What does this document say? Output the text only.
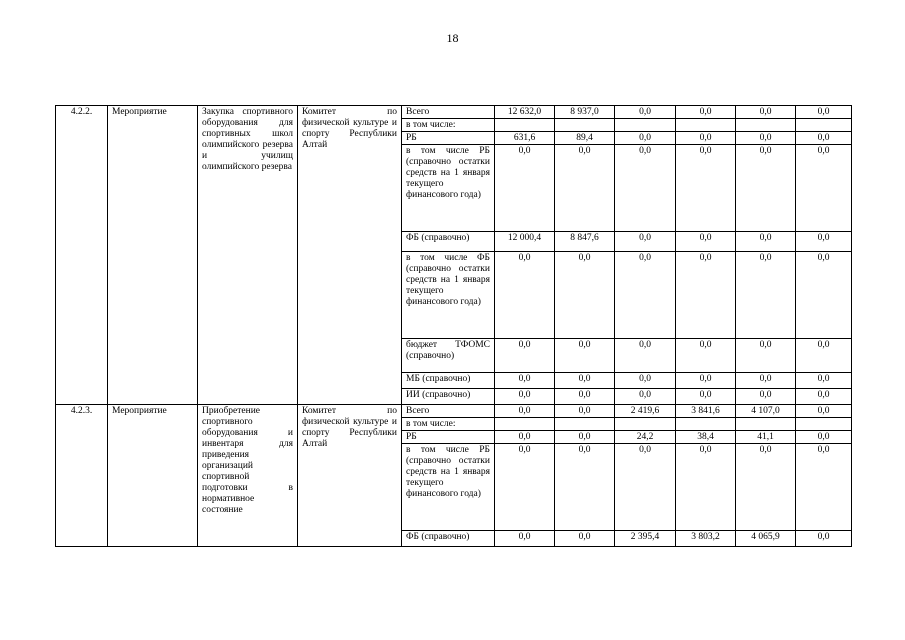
18
4.2.2.	Мероприятие	Закупка спортивного оборудования для спортивных школ олимпийского резерва и училищ олимпийского резерва	Комитет по физической культуре и спорту Республики Алтай	Всего	12 632,0	8 937,0	0,0	0,0	0,0	0,0
				в том числе:						
				РБ	631,6	89,4	0,0	0,0	0,0	0,0
				в том числе РБ (справочно остатки средств на 1 января текущего финансового года)	0,0	0,0	0,0	0,0	0,0	0,0
				ФБ (справочно)	12 000,4	8 847,6	0,0	0,0	0,0	0,0
				в том числе ФБ (справочно остатки средств на 1 января текущего финансового года)	0,0	0,0	0,0	0,0	0,0	0,0
				бюджет ТФОМС (справочно)	0,0	0,0	0,0	0,0	0,0	0,0
				МБ (справочно)	0,0	0,0	0,0	0,0	0,0	0,0
				ИИ (справочно)	0,0	0,0	0,0	0,0	0,0	0,0
4.2.3.	Мероприятие	Приобретение спортивного оборудования и инвентаря для приведения организаций спортивной подготовки в нормативное состояние	Комитет по физической культуре и спорту Республики Алтай	Всего	0,0	0,0	2 419,6	3 841,6	4 107,0	0,0
				в том числе:						
				РБ	0,0	0,0	24,2	38,4	41,1	0,0
				в том числе РБ (справочно остатки средств на 1 января текущего финансового года)	0,0	0,0	0,0	0,0	0,0	0,0
				ФБ (справочно)	0,0	0,0	2 395,4	3 803,2	4 065,9	0,0
